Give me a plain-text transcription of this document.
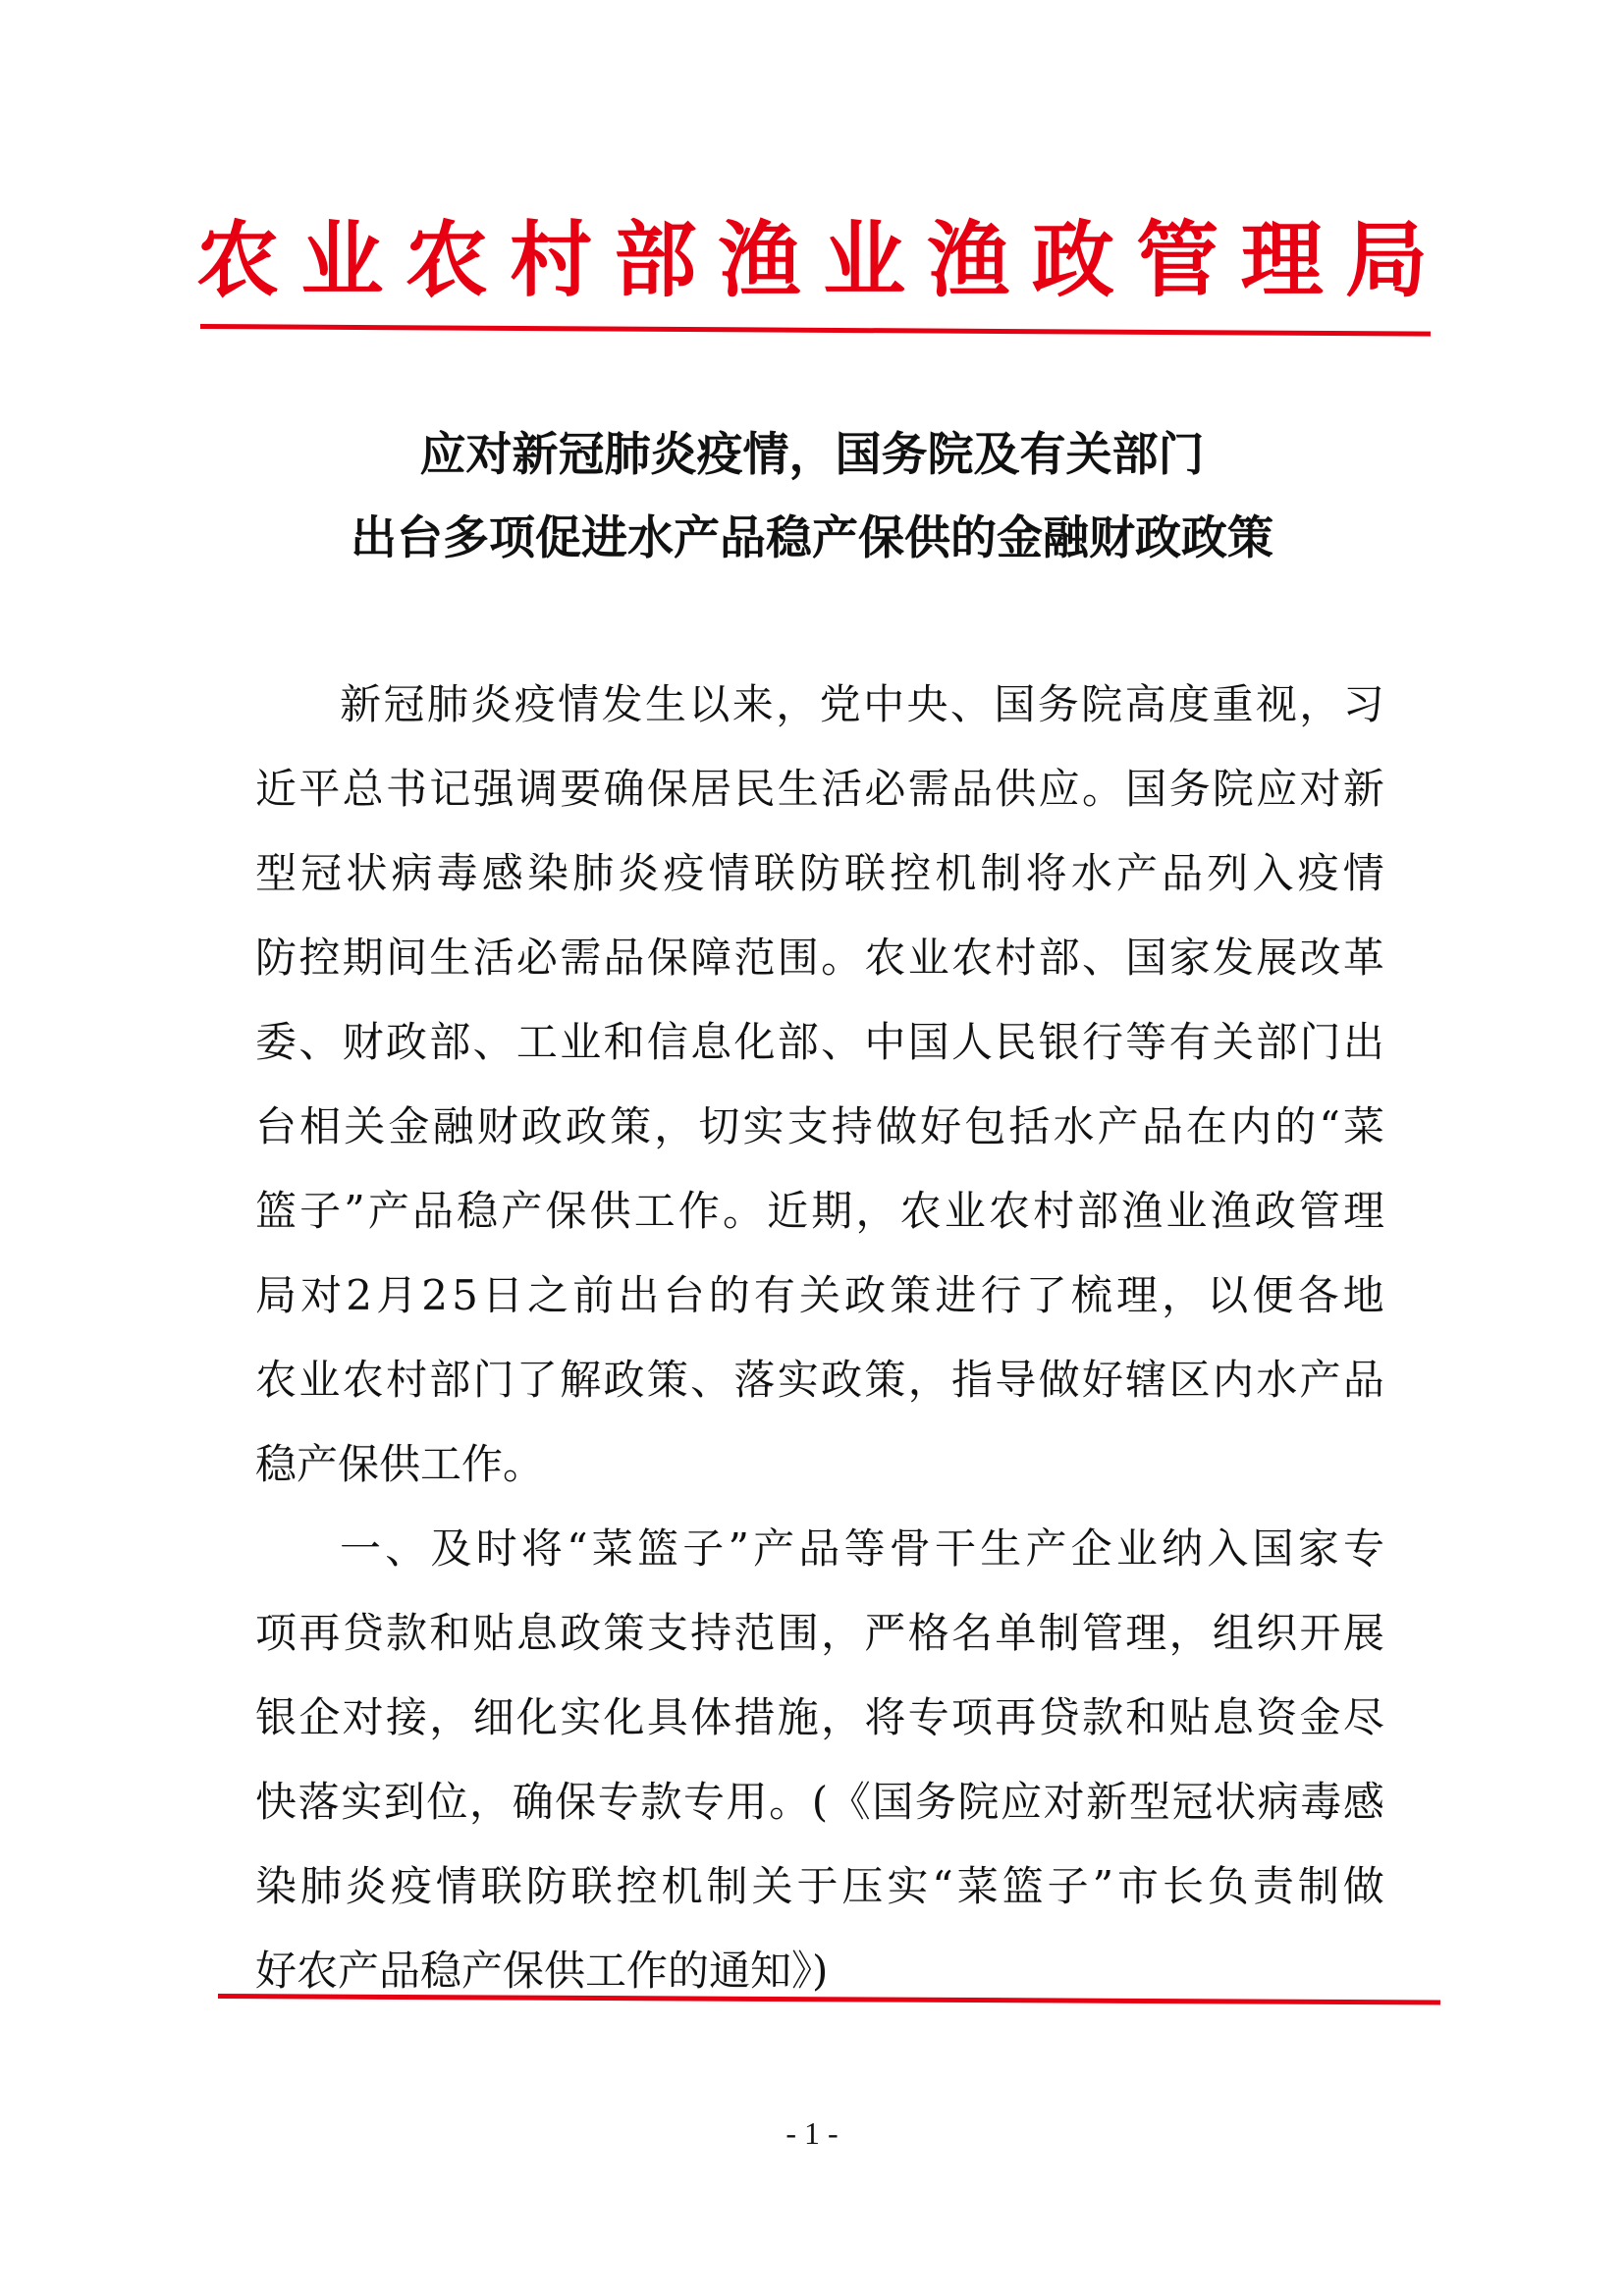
农 业 农 村 部 渔 业 渔 政 管 理 局
应对新冠肺炎疫情，国务院及有关部门
出台多项促进水产品稳产保供的金融财政政策
新 冠 肺 炎 疫 情 发 生 以 来 ， 党 中 央 、 国 务 院 高 度 重 视 ， 习
近 平 总 书 记 强 调 要 确 保 居 民 生 活 必 需 品 供 应 。 国 务 院 应 对 新
型 冠 状 病 毒 感 染 肺 炎 疫 情 联 防 联 控 机 制 将 水 产 品 列 入 疫 情
防 控 期 间 生 活 必 需 品 保 障 范 围 。 农 业 农 村 部 、 国 家 发 展 改 革
委 、 财 政 部 、 工 业 和 信 息 化 部 、 中 国 人 民 银 行 等 有 关 部 门 出
台 相 关 金 融 财 政 政 策 ， 切 实 支 持 做 好 包 括 水 产 品 在 内 的 “ 菜
篮 子 ” 产 品 稳 产 保 供 工 作 。 近 期 ， 农 业 农 村 部 渔 业 渔 政 管 理
局 对 2 月 2 5 日 之 前 出 台 的 有 关 政 策 进 行 了 梳 理 ， 以 便 各 地
农 业 农 村 部 门 了 解 政 策 、 落 实 政 策 ， 指 导 做 好 辖 区 内 水 产 品
稳产保供工作。
一 、 及 时 将 “ 菜 篮 子 ” 产 品 等 骨 干 生 产 企 业 纳 入 国 家 专
项 再 贷 款 和 贴 息 政 策 支 持 范 围 ， 严 格 名 单 制 管 理 ， 组 织 开 展
银 企 对 接 ， 细 化 实 化 具 体 措 施 ， 将 专 项 再 贷 款 和 贴 息 资 金 尽
快 落 实 到 位 ， 确 保 专 款 专 用 。 ( 《 国 务 院 应 对 新 型 冠 状 病 毒 感
染 肺 炎 疫 情 联 防 联 控 机 制 关 于 压 实 “ 菜 篮 子 ” 市 长 负 责 制 做
好农产品稳产保供工作的通知》)
- 1 -
